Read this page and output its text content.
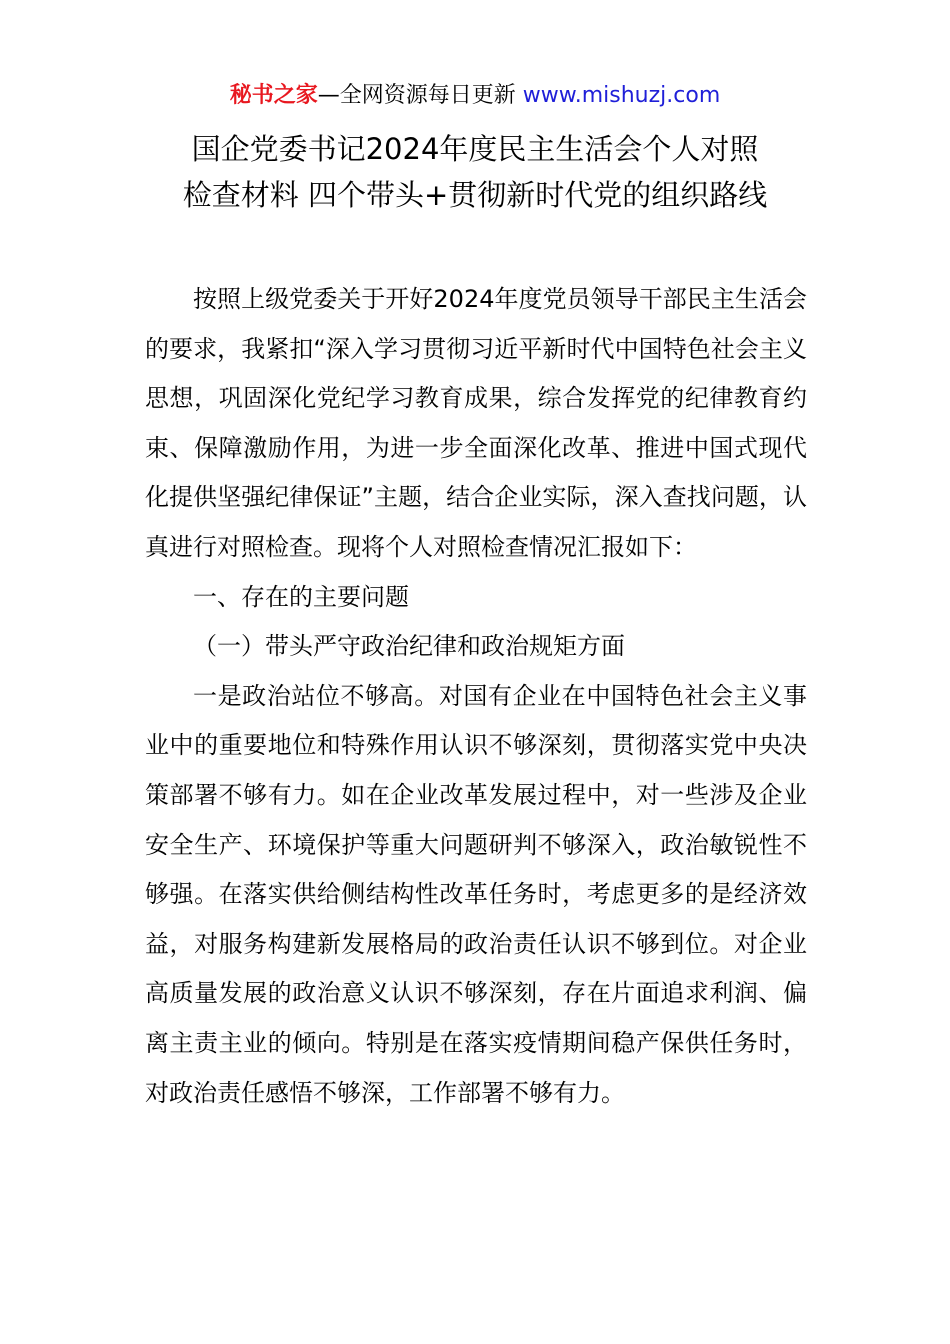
秘书之家—全网资源每日更新 www.mishuzj.com
国企党委书记2024年度民主生活会个人对照
检查材料 四个带头+贯彻新时代党的组织路线

按照上级党委关于开好2024年度党员领导干部民主生活会的要求，我紧扣“深入学习贯彻习近平新时代中国特色社会主义思想，巩固深化党纪学习教育成果，综合发挥党的纪律教育约束、保障激励作用，为进一步全面深化改革、推进中国式现代化提供坚强纪律保证”主题，结合企业实际，深入查找问题，认真进行对照检查。现将个人对照检查情况汇报如下：

一、存在的主要问题

（一）带头严守政治纪律和政治规矩方面

一是政治站位不够高。对国有企业在中国特色社会主义事业中的重要地位和特殊作用认识不够深刻，贯彻落实党中央决策部署不够有力。如在企业改革发展过程中，对一些涉及企业安全生产、环境保护等重大问题研判不够深入，政治敏锐性不够强。在落实供给侧结构性改革任务时，考虑更多的是经济效益，对服务构建新发展格局的政治责任认识不够到位。对企业高质量发展的政治意义认识不够深刻，存在片面追求利润、偏离主责主业的倾向。特别是在落实疫情期间稳产保供任务时，对政治责任感悟不够深，工作部署不够有力。
